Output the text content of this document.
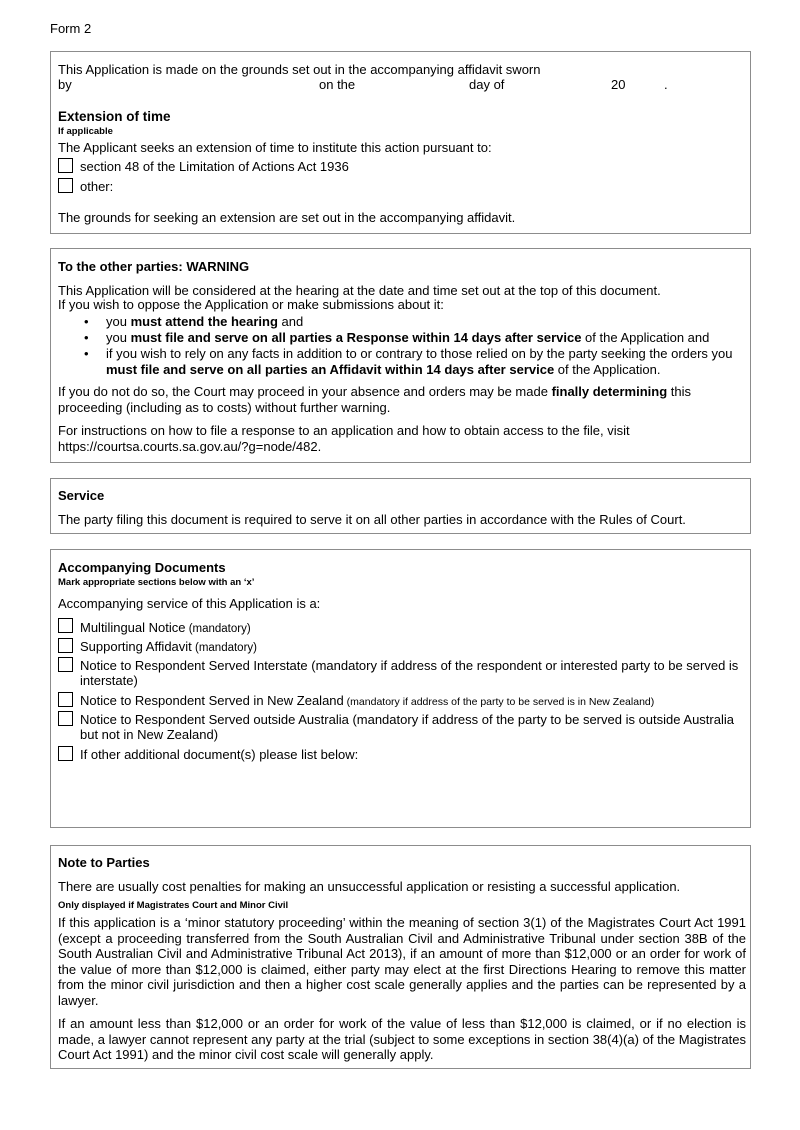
Form 2
This Application is made on the grounds set out in the accompanying affidavit sworn
by	on the	day of	20	.
Extension of time
If applicable
The Applicant seeks an extension of time to institute this action pursuant to:
section 48 of the Limitation of Actions Act 1936
other:
The grounds for seeking an extension are set out in the accompanying affidavit.
To the other parties: WARNING
This Application will be considered at the hearing at the date and time set out at the top of this document.
If you wish to oppose the Application or make submissions about it:
• you must attend the hearing and
• you must file and serve on all parties a Response within 14 days after service of the Application and
• if you wish to rely on any facts in addition to or contrary to those relied on by the party seeking the orders you must file and serve on all parties an Affidavit within 14 days after service of the Application.
If you do not do so, the Court may proceed in your absence and orders may be made finally determining this proceeding (including as to costs) without further warning.
For instructions on how to file a response to an application and how to obtain access to the file, visit https://courtsa.courts.sa.gov.au/?g=node/482.
Service
The party filing this document is required to serve it on all other parties in accordance with the Rules of Court.
Accompanying Documents
Mark appropriate sections below with an ‘x’
Accompanying service of this Application is a:
Multilingual Notice (mandatory)
Supporting Affidavit (mandatory)
Notice to Respondent Served Interstate (mandatory if address of the respondent or interested party to be served is interstate)
Notice to Respondent Served in New Zealand (mandatory if address of the party to be served is in New Zealand)
Notice to Respondent Served outside Australia (mandatory if address of the party to be served is outside Australia but not in New Zealand)
If other additional document(s) please list below:
Note to Parties
There are usually cost penalties for making an unsuccessful application or resisting a successful application.
Only displayed if Magistrates Court and Minor Civil
If this application is a ‘minor statutory proceeding’ within the meaning of section 3(1) of the Magistrates Court Act 1991 (except a proceeding transferred from the South Australian Civil and Administrative Tribunal under section 38B of the South Australian Civil and Administrative Tribunal Act 2013), if an amount of more than $12,000 or an order for work of the value of more than $12,000 is claimed, either party may elect at the first Directions Hearing to remove this matter from the minor civil jurisdiction and then a higher cost scale generally applies and the parties can be represented by a lawyer.
If an amount less than $12,000 or an order for work of the value of less than $12,000 is claimed, or if no election is made, a lawyer cannot represent any party at the trial (subject to some exceptions in section 38(4)(a) of the Magistrates Court Act 1991) and the minor civil cost scale will generally apply.
